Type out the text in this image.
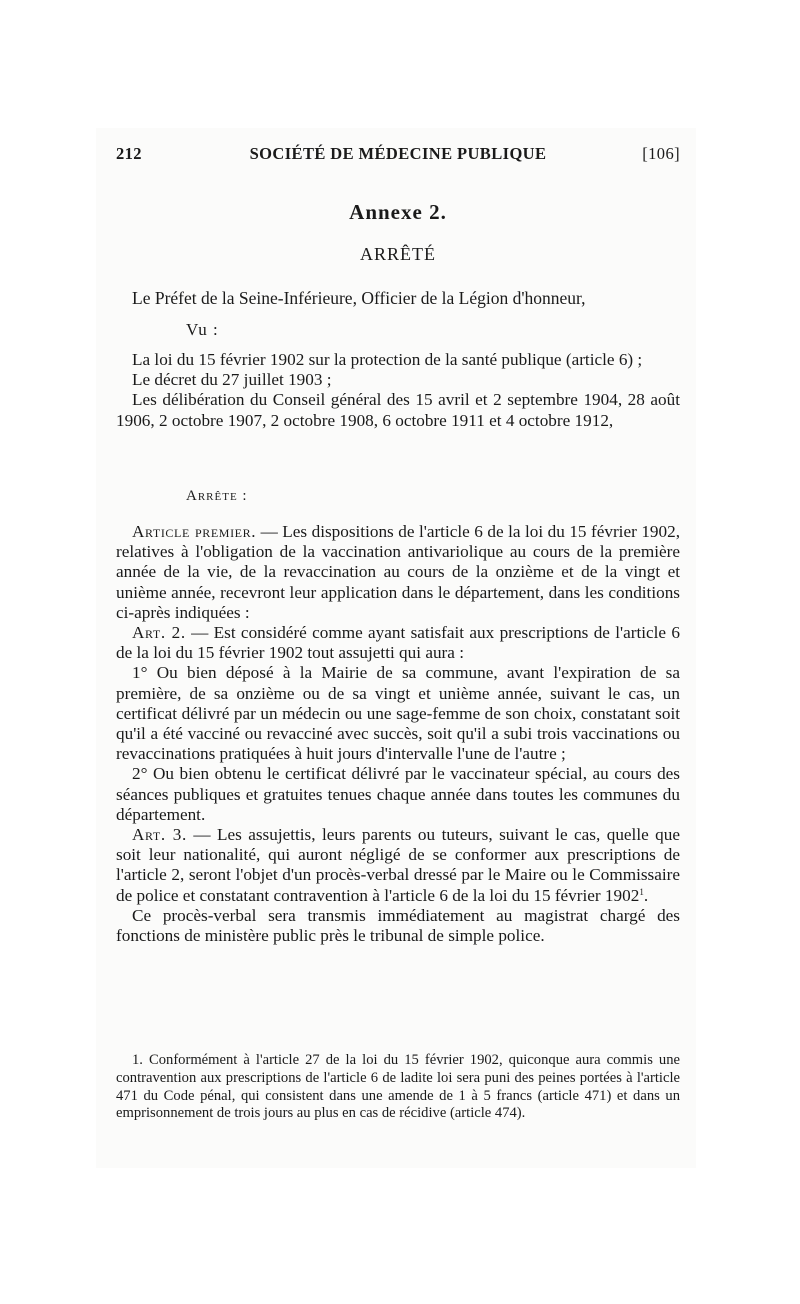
212	SOCIÉTÉ DE MÉDECINE PUBLIQUE	[106]
Annexe 2.
ARRÊTÉ
Le Préfet de la Seine-Inférieure, Officier de la Légion d'honneur,
Vu :

La loi du 15 février 1902 sur la protection de la santé publique (article 6) ;

Le décret du 27 juillet 1903 ;

Les délibération du Conseil général des 15 avril et 2 septembre 1904, 28 août 1906, 2 octobre 1907, 2 octobre 1908, 6 octobre 1911 et 4 octobre 1912,

Arrête :

Article premier. — Les dispositions de l'article 6 de la loi du 15 février 1902, relatives à l'obligation de la vaccination antivariolique au cours de la première année de la vie, de la revaccination au cours de la onzième et de la vingt et unième année, recevront leur application dans le département, dans les conditions ci-après indiquées :

Art. 2. — Est considéré comme ayant satisfait aux prescriptions de l'article 6 de la loi du 15 février 1902 tout assujetti qui aura :

1° Ou bien déposé à la Mairie de sa commune, avant l'expiration de sa première, de sa onzième ou de sa vingt et unième année, suivant le cas, un certificat délivré par un médecin ou une sage-femme de son choix, constatant soit qu'il a été vacciné ou revacciné avec succès, soit qu'il a subi trois vaccinations ou revaccinations pratiquées à huit jours d'intervalle l'une de l'autre ;

2° Ou bien obtenu le certificat délivré par le vaccinateur spécial, au cours des séances publiques et gratuites tenues chaque année dans toutes les communes du département.

Art. 3. — Les assujettis, leurs parents ou tuteurs, suivant le cas, quelle que soit leur nationalité, qui auront négligé de se conformer aux prescriptions de l'article 2, seront l'objet d'un procès-verbal dressé par le Maire ou le Commissaire de police et constatant contravention à l'article 6 de la loi du 15 février 1902$^1$.

Ce procès-verbal sera transmis immédiatement au magistrat chargé des fonctions de ministère public près le tribunal de simple police.

1. Conformément à l'article 27 de la loi du 15 février 1902, quiconque aura commis une contravention aux prescriptions de l'article 6 de ladite loi sera puni des peines portées à l'article 471 du Code pénal, qui consistent dans une amende de 1 à 5 francs (article 471) et dans un emprisonnement de trois jours au plus en cas de récidive (article 474).
